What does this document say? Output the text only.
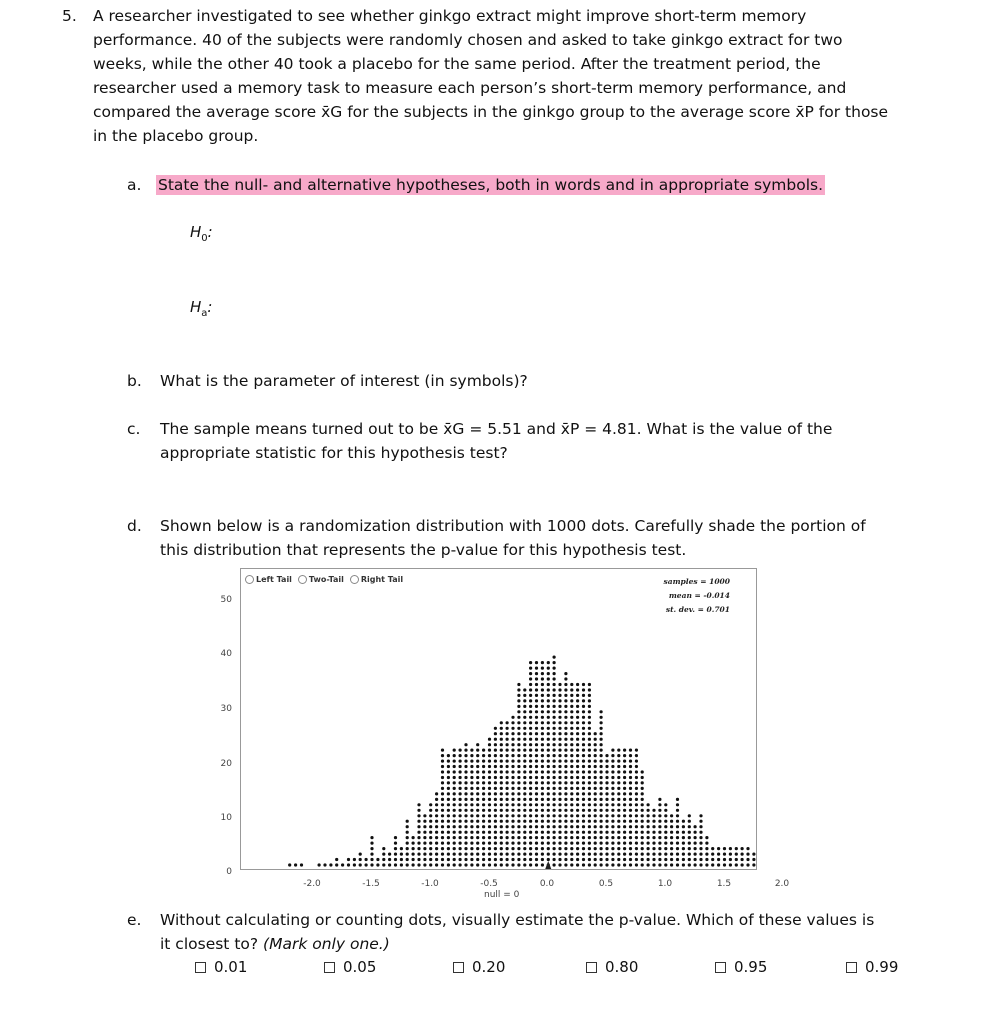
5. A researcher investigated to see whether ginkgo extract might improve short-term memory
performance. 40 of the subjects were randomly chosen and asked to take ginkgo extract for two
weeks, while the other 40 took a placebo for the same period. After the treatment period, the
researcher used a memory task to measure each person’s short-term memory performance, and
compared the average score x̄G for the subjects in the ginkgo group to the average score x̄P for those
in the placebo group.
a. State the null- and alternative hypotheses, both in words and in appropriate symbols.
$H_0$:
$H_a$:
b. What is the parameter of interest (in symbols)?
c. The sample means turned out to be x̄G = 5.51 and x̄P = 4.81. What is the value of the
appropriate statistic for this hypothesis test?
d. Shown below is a randomization distribution with 1000 dots. Carefully shade the portion of
this distribution that represents the p-value for this hypothesis test.
50
40
30
20
10
0
Left Tail	Two-Tail	Right Tail	samples = 1000
mean = -0.014
st. dev. = 0.701
-2.0	-1.5	-1.0	-0.5	0.0	0.5	1.0	1.5	2.0
null = 0
e. Without calculating or counting dots, visually estimate the p-value. Which of these values is
it closest to? (Mark only one.)
0.01	0.05	0.20	0.80	0.95	0.99
